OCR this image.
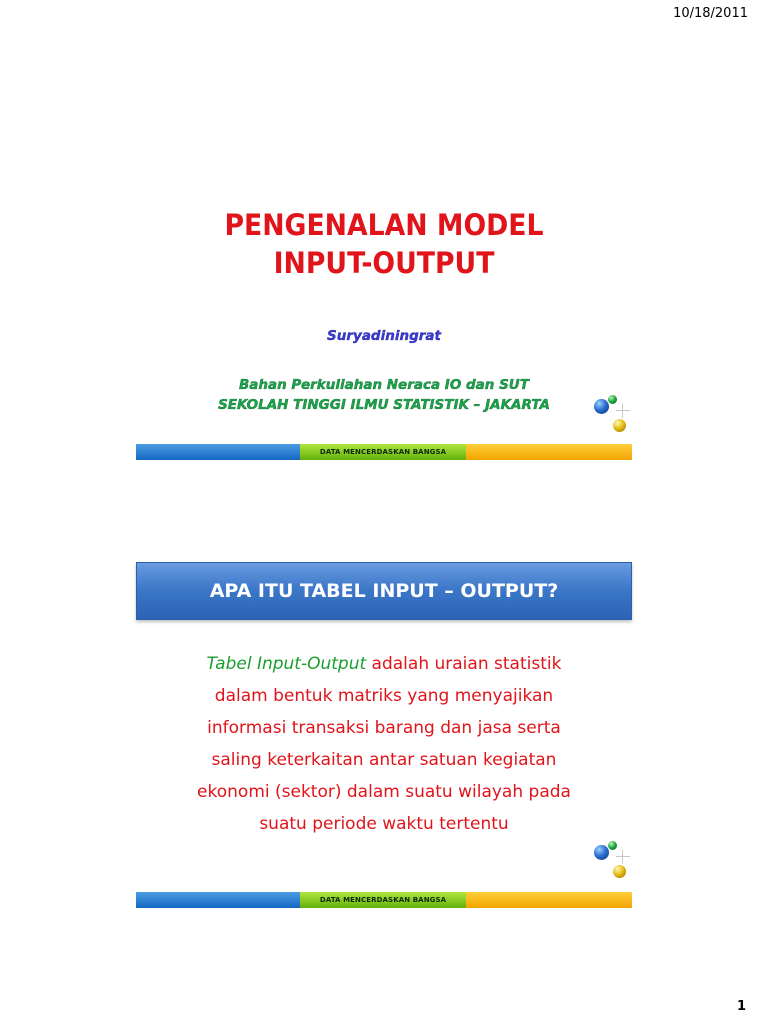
10/18/2011
PENGENALAN MODEL
INPUT-OUTPUT
Suryadiningrat
Bahan Perkuliahan Neraca IO dan SUT
SEKOLAH TINGGI ILMU STATISTIK – JAKARTA
DATA MENCERDASKAN BANGSA
APA ITU TABEL INPUT – OUTPUT?
Tabel Input-Output adalah uraian statistik
dalam bentuk matriks yang menyajikan
informasi transaksi barang dan jasa serta
saling keterkaitan antar satuan kegiatan
ekonomi (sektor) dalam suatu wilayah pada
suatu periode waktu tertentu
DATA MENCERDASKAN BANGSA
1
